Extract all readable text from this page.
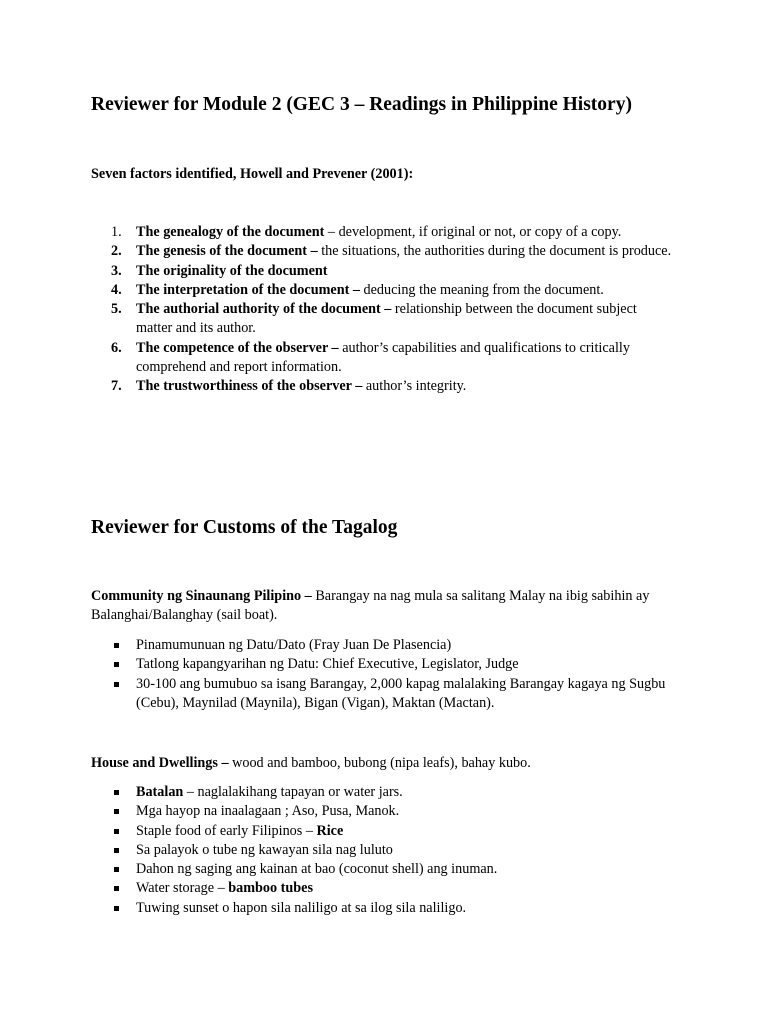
Reviewer for Module 2 (GEC 3 – Readings in Philippine History)
Seven factors identified, Howell and Prevener (2001):
1.	The genealogy of the document – development, if original or not, or copy of a copy.
2.	The genesis of the document – the situations, the authorities during the document is produce.
3.	The originality of the document
4.	The interpretation of the document – deducing the meaning from the document.
5.	The authorial authority of the document – relationship between the document subject matter and its author.
6.	The competence of the observer – author’s capabilities and qualifications to critically comprehend and report information.
7.	The trustworthiness of the observer – author’s integrity.
Reviewer for Customs of the Tagalog
Community ng Sinaunang Pilipino – Barangay na nag mula sa salitang Malay na ibig sabihin ay Balanghai/Balanghay (sail boat).
Pinamumunuan ng Datu/Dato (Fray Juan De Plasencia)
Tatlong kapangyarihan ng Datu: Chief Executive, Legislator, Judge
30-100 ang bumubuo sa isang Barangay, 2,000 kapag malalaking Barangay kagaya ng Sugbu (Cebu), Maynilad (Maynila), Bigan (Vigan), Maktan (Mactan).
House and Dwellings – wood and bamboo, bubong (nipa leafs), bahay kubo.
Batalan – naglalakihang tapayan or water jars.
Mga hayop na inaalagaan ; Aso, Pusa, Manok.
Staple food of early Filipinos – Rice
Sa palayok o tube ng kawayan sila nag luluto
Dahon ng saging ang kainan at bao (coconut shell) ang inuman.
Water storage – bamboo tubes
Tuwing sunset o hapon sila naliligo at sa ilog sila naliligo.
